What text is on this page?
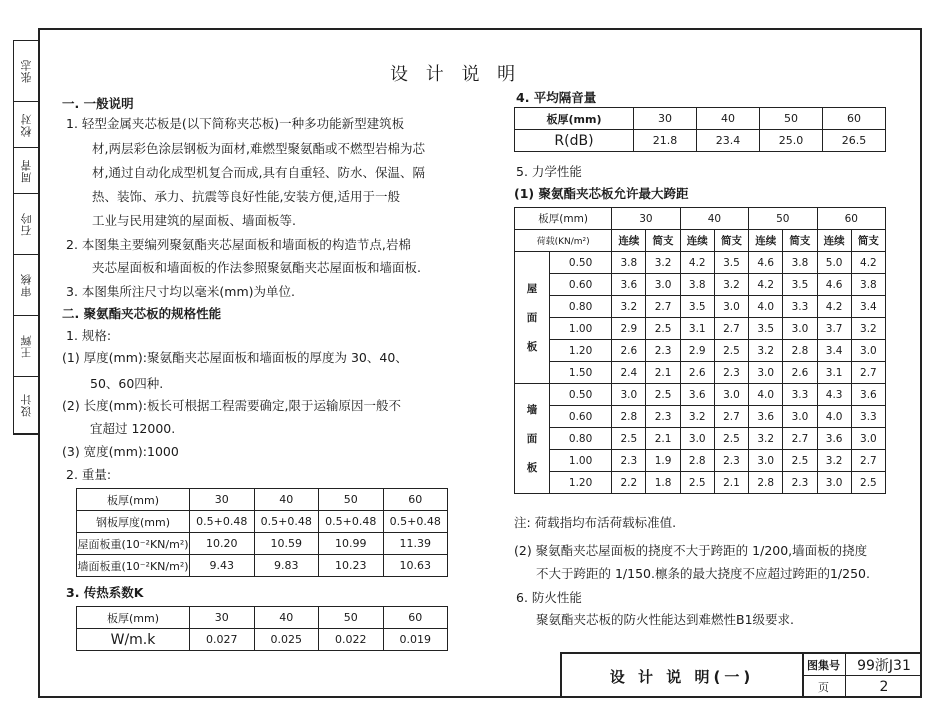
张志
校对
周青
石吟
审核
王辉
设计
设 计 说 明
一. 一般说明
1. 轻型金属夹芯板是(以下简称夹芯板)一种多功能新型建筑板
材,两层彩色涂层钢板为面材,难燃型聚氨酯或不燃型岩棉为芯
材,通过自动化成型机复合而成,具有自重轻、防水、保温、隔
热、装饰、承力、抗震等良好性能,安装方便,适用于一般
工业与民用建筑的屋面板、墙面板等.
2. 本图集主要编列聚氨酯夹芯屋面板和墙面板的构造节点,岩棉
夹芯屋面板和墙面板的作法参照聚氨酯夹芯屋面板和墙面板.
3. 本图集所注尺寸均以毫米(mm)为单位.
二. 聚氨酯夹芯板的规格性能
1. 规格:
(1) 厚度(mm):聚氨酯夹芯屋面板和墙面板的厚度为 30、40、
50、60四种.
(2) 长度(mm):板长可根据工程需要确定,限于运输原因一般不
宜超过 12000.
(3) 宽度(mm):1000
2. 重量:
板厚(mm)	30	40	50	60
钢板厚度(mm)	0.5+0.48	0.5+0.48	0.5+0.48	0.5+0.48
屋面板重(10⁻²KN/m²)	10.20	10.59	10.99	11.39
墙面板重(10⁻²KN/m²)	9.43	9.83	10.23	10.63
3. 传热系数K
板厚(mm)	30	40	50	60
W/m.k	0.027	0.025	0.022	0.019
4. 平均隔音量
板厚(mm)	30	40	50	60
R(dB)	21.8	23.4	25.0	26.5
5. 力学性能
(1) 聚氨酯夹芯板允许最大跨距
板厚(mm)		30		40		50		60	
荷载(KN/m²)		连续	简支	连续	简支	连续	简支	连续	简支

屋
面
板	0.50	3.8	3.2	4.2	3.5	4.6	3.8	5.0	4.2
	0.60	3.6	3.0	3.8	3.2	4.2	3.5	4.6	3.8
	0.80	3.2	2.7	3.5	3.0	4.0	3.3	4.2	3.4
	1.00	2.9	2.5	3.1	2.7	3.5	3.0	3.7	3.2
	1.20	2.6	2.3	2.9	2.5	3.2	2.8	3.4	3.0
	1.50	2.4	2.1	2.6	2.3	3.0	2.6	3.1	2.7

墙
面
板	0.50	3.0	2.5	3.6	3.0	4.0	3.3	4.3	3.6
	0.60	2.8	2.3	3.2	2.7	3.6	3.0	4.0	3.3
	0.80	2.5	2.1	3.0	2.5	3.2	2.7	3.6	3.0
	1.00	2.3	1.9	2.8	2.3	3.0	2.5	3.2	2.7
	1.20	2.2	1.8	2.5	2.1	2.8	2.3	3.0	2.5
注: 荷载指均布活荷载标准值.
(2) 聚氨酯夹芯屋面板的挠度不大于跨距的 1/200,墙面板的挠度
不大于跨距的 1/150.檩条的最大挠度不应超过跨距的1/250.
6. 防火性能
聚氨酯夹芯板的防火性能达到难燃性B1级要求.
设 计 说 明(一)
图集号	99浙J31
页	2
